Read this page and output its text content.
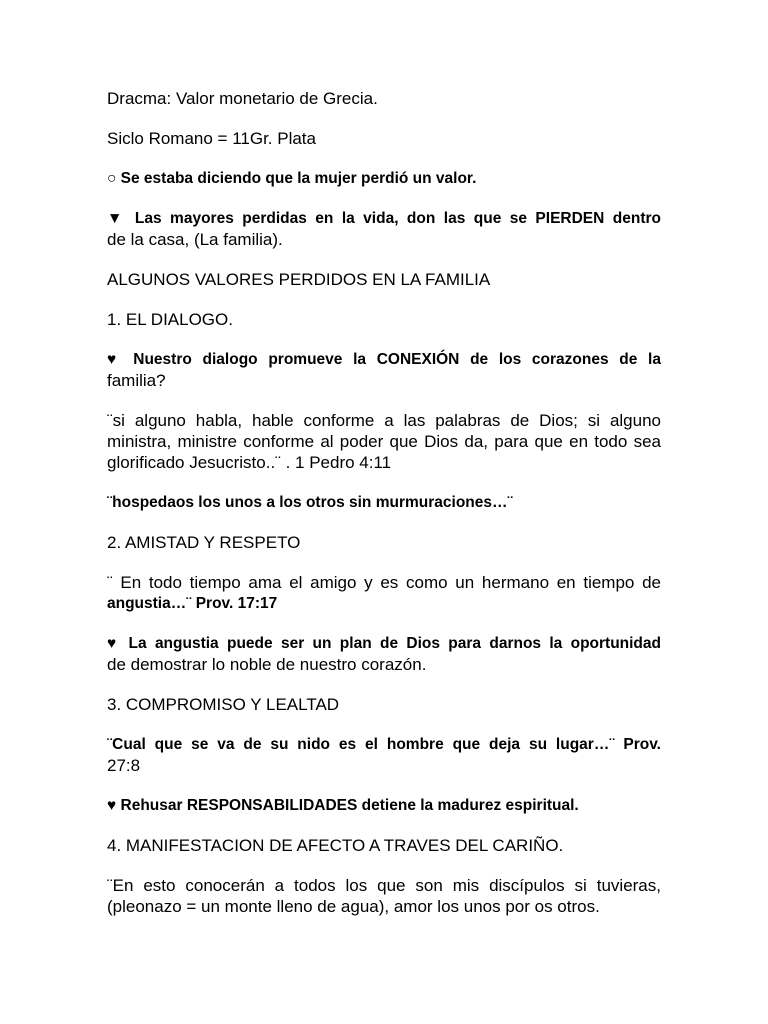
Dracma: Valor monetario de Grecia.

Siclo Romano = 11Gr. Plata

○ Se estaba diciendo que la mujer perdió un valor.

▼ Las mayores perdidas en la vida, don las que se PIERDEN dentro
de la casa, (La familia).

ALGUNOS VALORES PERDIDOS EN LA FAMILIA

1. EL DIALOGO.

♥ Nuestro dialogo promueve la CONEXIÓN de los corazones de la
familia?

¨si alguno habla, hable conforme a las palabras de Dios; si alguno
ministra, ministre conforme al poder que Dios da, para que en todo sea
glorificado Jesucristo..¨ . 1 Pedro 4:11

¨hospedaos los unos a los otros sin murmuraciones…¨

2. AMISTAD Y RESPETO

¨ En todo tiempo ama el amigo y es como un hermano en tiempo de
angustia…¨ Prov. 17:17

♥ La angustia puede ser un plan de Dios para darnos la oportunidad
de demostrar lo noble de nuestro corazón.

3. COMPROMISO Y LEALTAD

¨Cual que se va de su nido es el hombre que deja su lugar…¨ Prov.
27:8

♥ Rehusar RESPONSABILIDADES detiene la madurez espiritual.

4. MANIFESTACION DE AFECTO A TRAVES DEL CARIÑO.

¨En esto conocerán a todos los que son mis discípulos si tuvieras,
(pleonazo = un monte lleno de agua), amor los unos por os otros.
